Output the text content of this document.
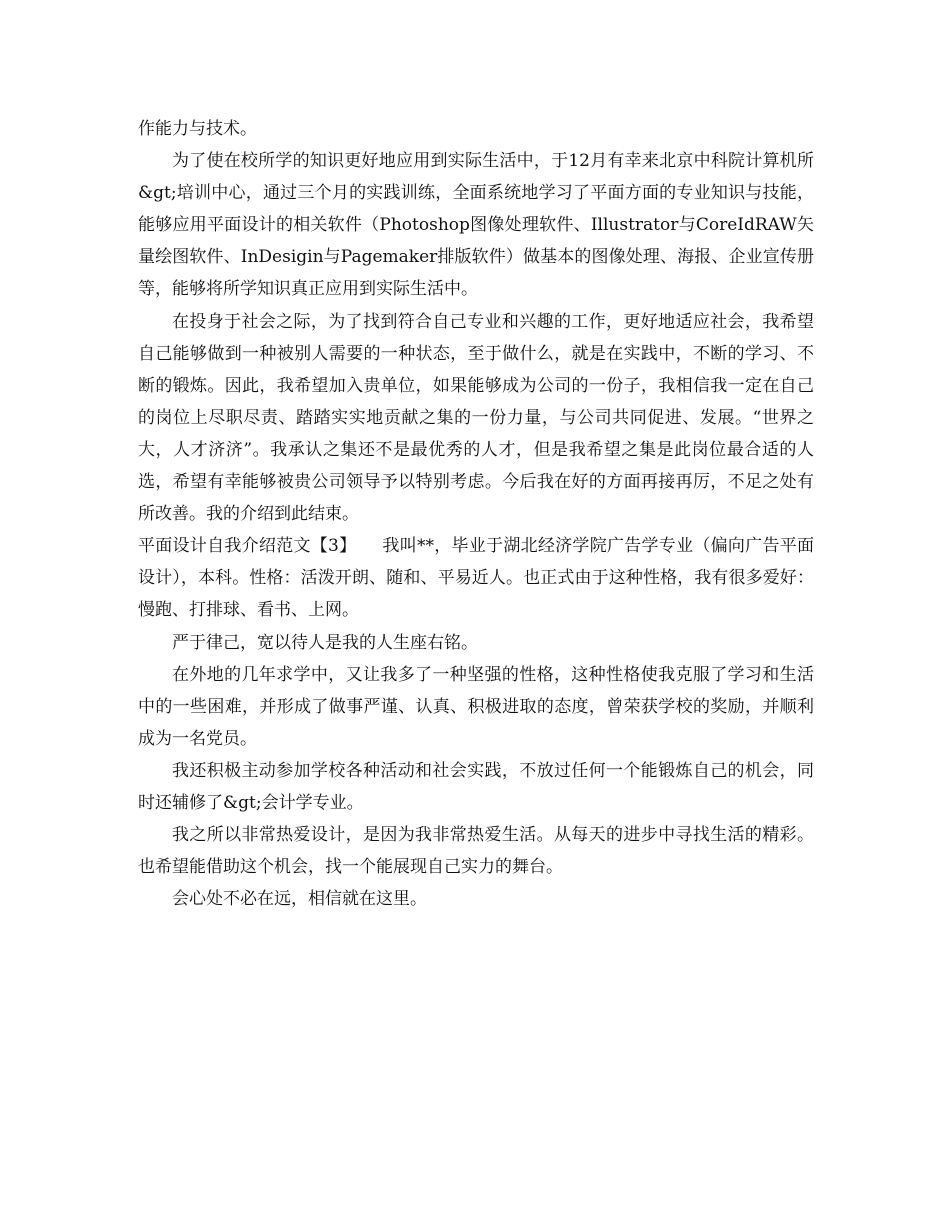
作能力与技术。

为了使在校所学的知识更好地应用到实际生活中，于12月有幸来北京中科院计算机所&gt;培训中心，通过三个月的实践训练，全面系统地学习了平面方面的专业知识与技能，能够应用平面设计的相关软件（Photoshop图像处理软件、Illustrator与CoreIdRAW矢量绘图软件、InDesigin与Pagemaker排版软件）做基本的图像处理、海报、企业宣传册等，能够将所学知识真正应用到实际生活中。

在投身于社会之际，为了找到符合自己专业和兴趣的工作，更好地适应社会，我希望自己能够做到一种被别人需要的一种状态，至于做什么，就是在实践中，不断的学习、不断的锻炼。因此，我希望加入贵单位，如果能够成为公司的一份子，我相信我一定在自己的岗位上尽职尽责、踏踏实实地贡献之集的一份力量，与公司共同促进、发展。“世界之大，人才济济”。我承认之集还不是最优秀的人才，但是我希望之集是此岗位最合适的人选，希望有幸能够被贵公司领导予以特别考虑。今后我在好的方面再接再厉，不足之处有所改善。我的介绍到此结束。

平面设计自我介绍范文【3】　　我叫**，毕业于湖北经济学院广告学专业（偏向广告平面设计），本科。性格：活泼开朗、随和、平易近人。也正式由于这种性格，我有很多爱好：慢跑、打排球、看书、上网。

严于律己，宽以待人是我的人生座右铭。

在外地的几年求学中，又让我多了一种坚强的性格，这种性格使我克服了学习和生活中的一些困难，并形成了做事严谨、认真、积极进取的态度，曾荣获学校的奖励，并顺利成为一名党员。

我还积极主动参加学校各种活动和社会实践，不放过任何一个能锻炼自己的机会，同时还辅修了&gt;会计学专业。

我之所以非常热爱设计，是因为我非常热爱生活。从每天的进步中寻找生活的精彩。也希望能借助这个机会，找一个能展现自己实力的舞台。

会心处不必在远，相信就在这里。
